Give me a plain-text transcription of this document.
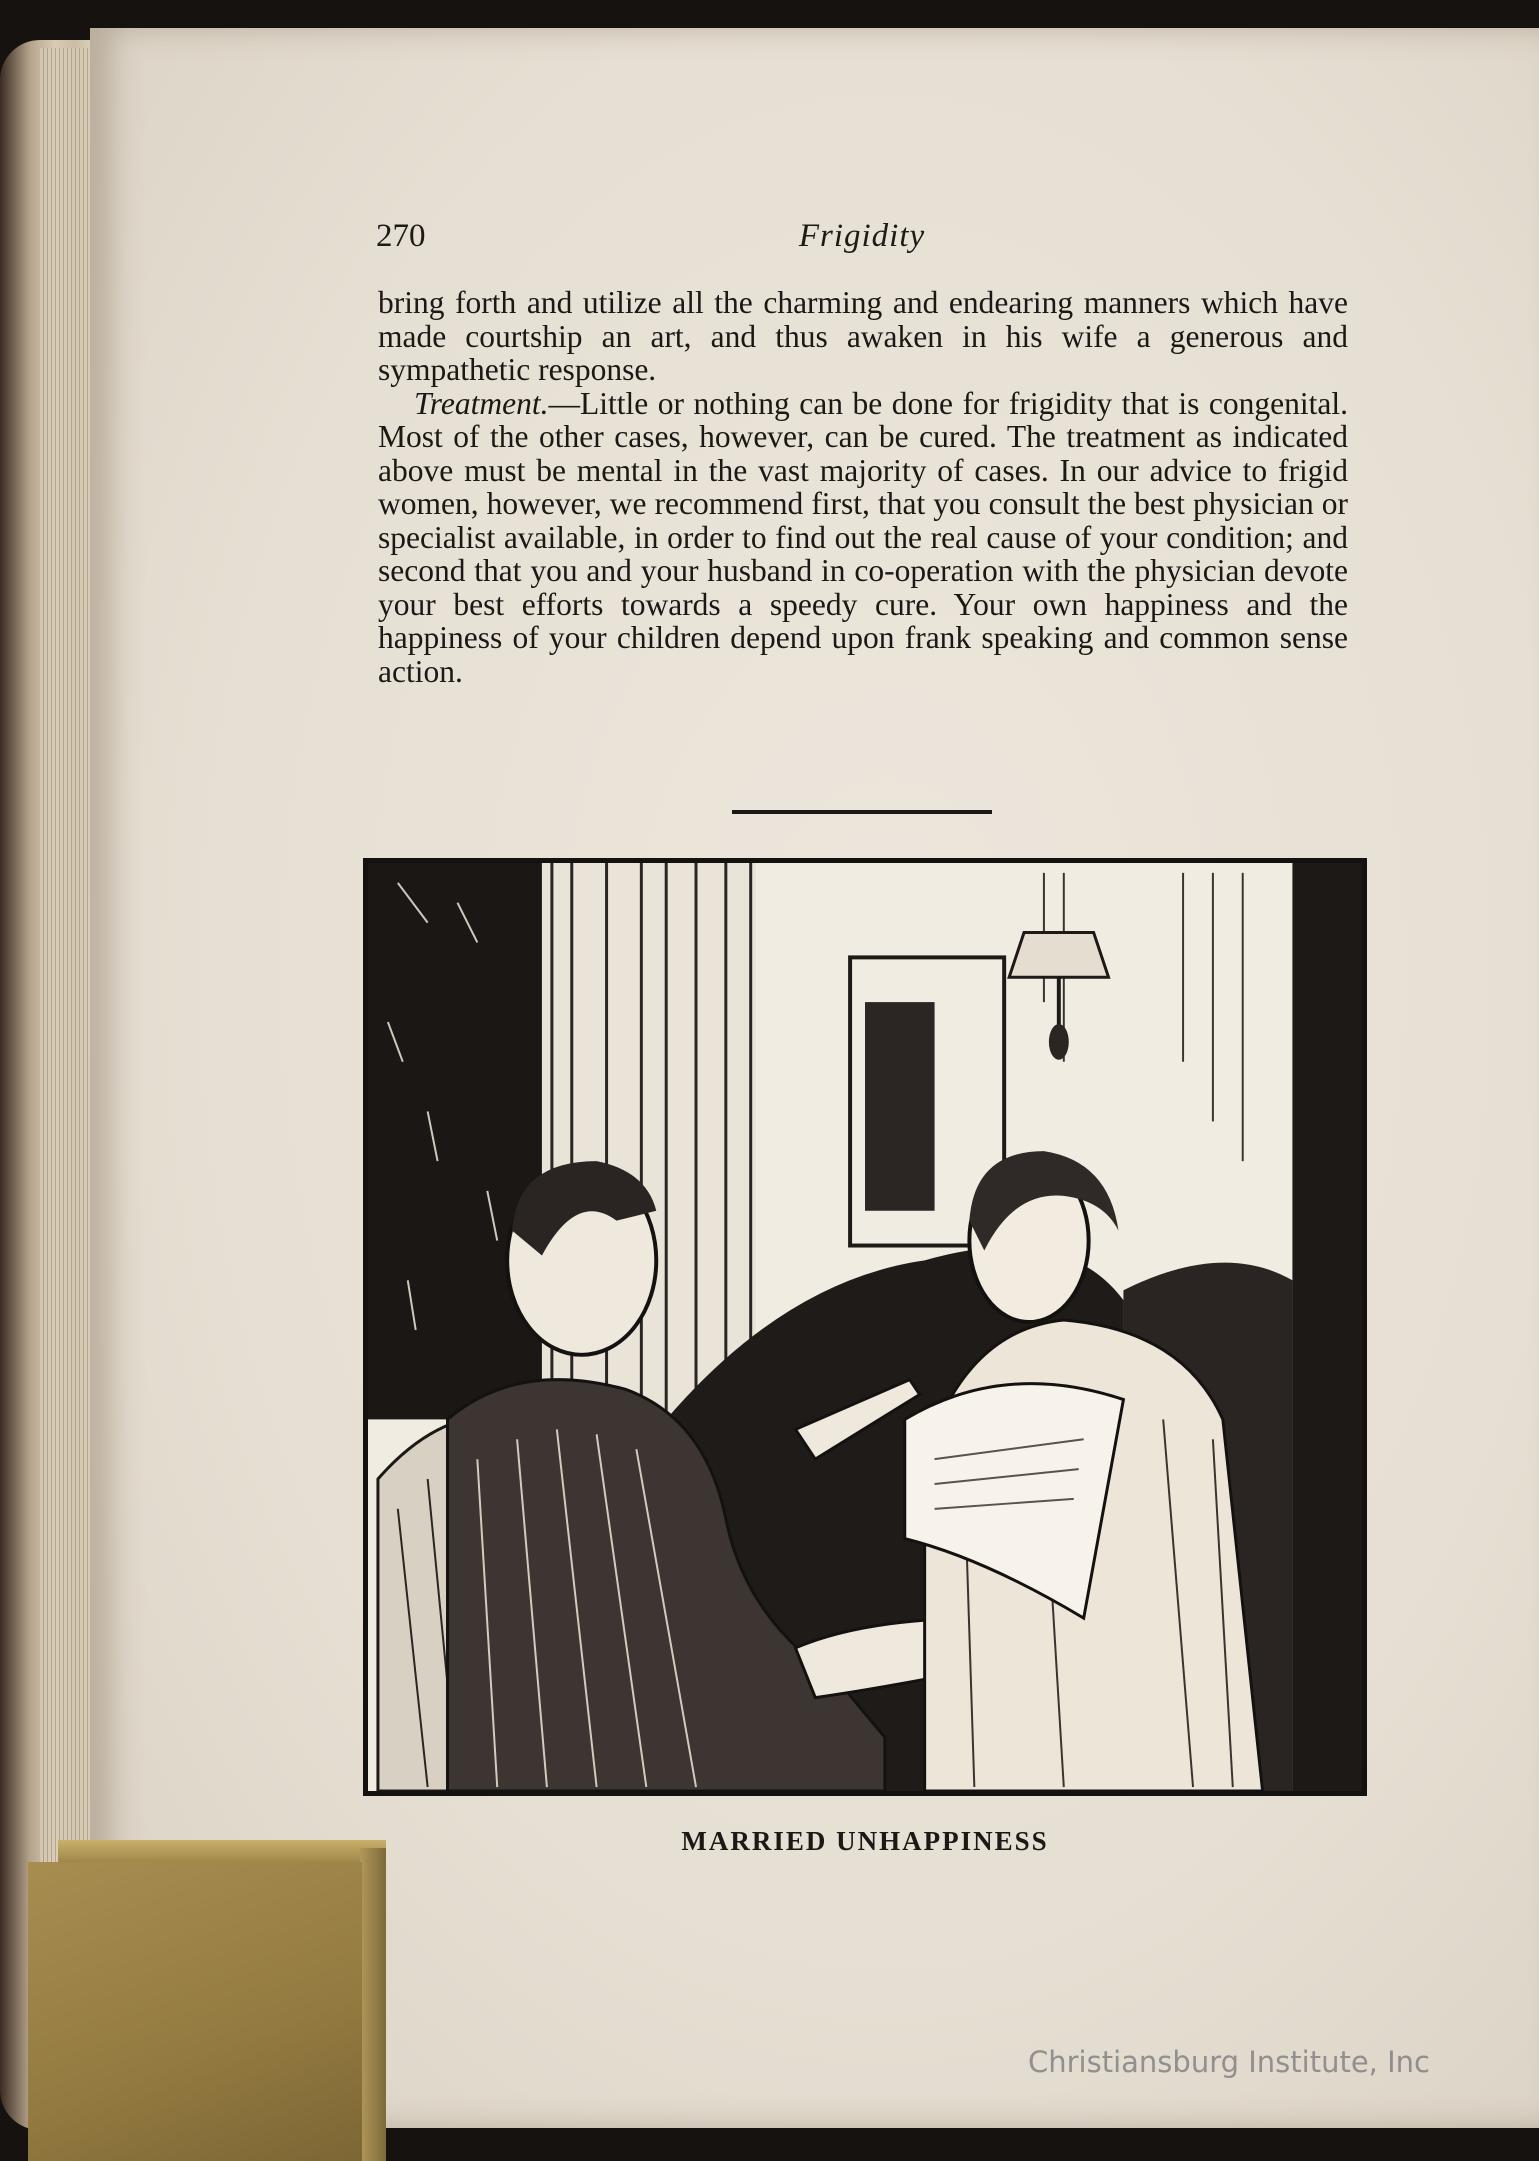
270	Frigidity

bring forth and utilize all the charming and endearing manners which have made courtship an art, and thus awaken in his wife a generous and sympathetic response.

Treatment.—Little or nothing can be done for frigidity that is congenital. Most of the other cases, however, can be cured. The treatment as indicated above must be mental in the vast majority of cases. In our advice to frigid women, however, we recommend first, that you consult the best physician or specialist available, in order to find out the real cause of your condition; and second that you and your husband in co-operation with the physician devote your best efforts towards a speedy cure. Your own happiness and the happiness of your children depend upon frank speaking and common sense action.

MARRIED UNHAPPINESS
Christiansburg Institute, Inc
